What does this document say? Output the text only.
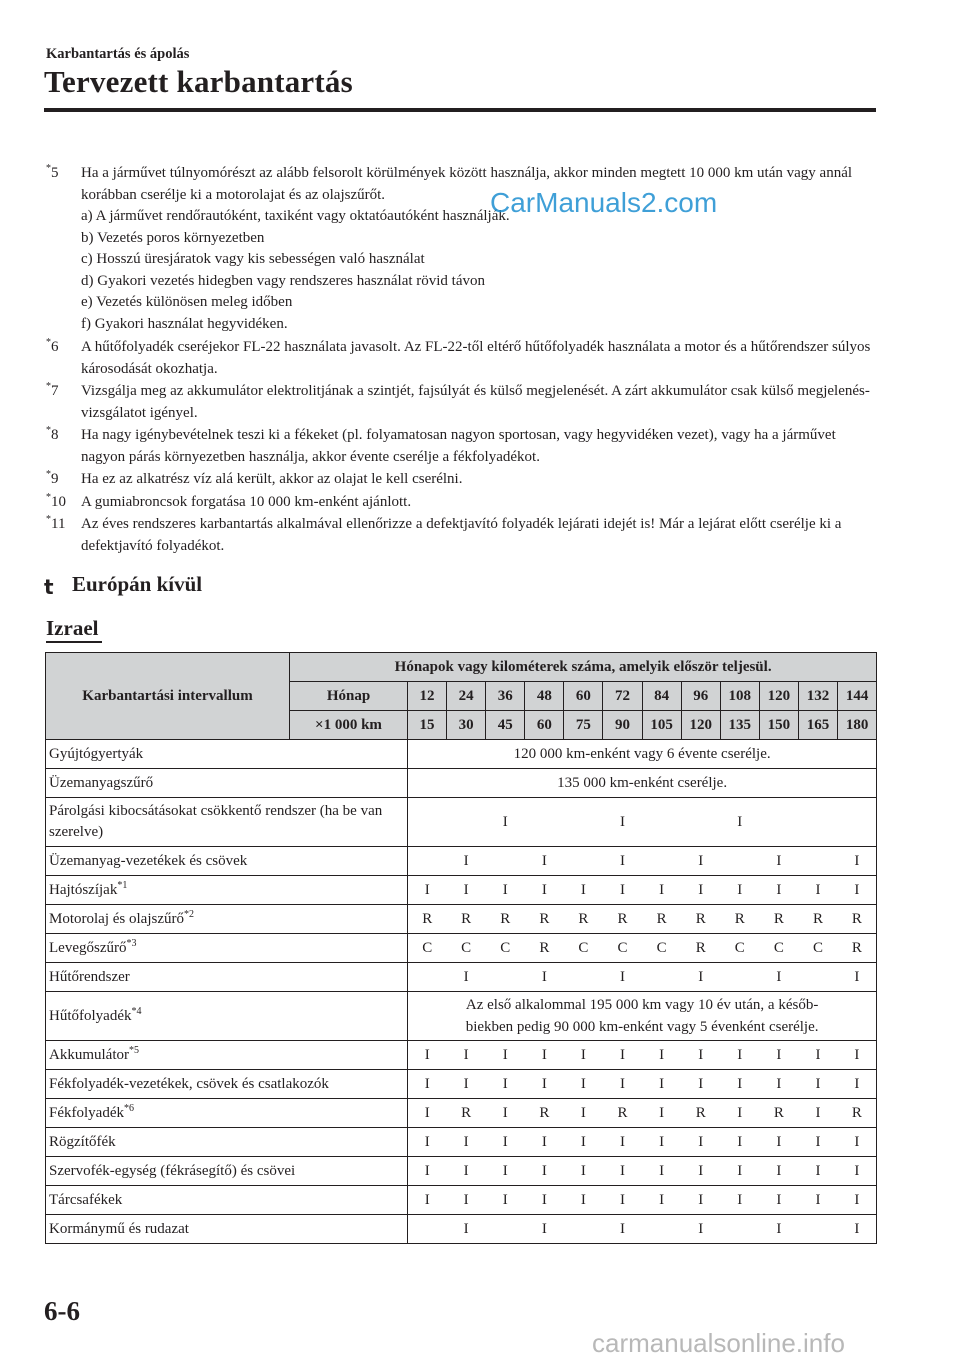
Karbantartás és ápolás
Tervezett karbantartás
*5	Ha a járművet túlnyomórészt az alább felsorolt körülmények között használja, akkor minden megtett 10 000 km után vagy annál korábban cserélje ki a motorolajat és az olajszűrőt.
a) A járművet rendőrautóként, taxiként vagy oktatóautóként használják.
b) Vezetés poros környezetben
c) Hosszú üresjáratok vagy kis sebességen való használat
d) Gyakori vezetés hidegben vagy rendszeres használat rövid távon
e) Vezetés különösen meleg időben
f) Gyakori használat hegyvidéken.
*6	A hűtőfolyadék cseréjekor FL-22 használata javasolt. Az FL-22-től eltérő hűtőfolyadék használata a motor és a hűtőrendszer súlyos károsodását okozhatja.
*7	Vizsgálja meg az akkumulátor elektrolitjának a szintjét, fajsúlyát és külső megjelenését. A zárt akkumulátor csak külső megjelenés-vizsgálatot igényel.
*8	Ha nagy igénybevételnek teszi ki a fékeket (pl. folyamatosan nagyon sportosan, vagy hegyvidéken vezet), vagy ha a járművet nagyon párás környezetben használja, akkor évente cserélje a fékfolyadékot.
*9	Ha ez az alkatrész víz alá került, akkor az olajat le kell cserélni.
*10	A gumiabroncsok forgatása 10 000 km-enként ajánlott.
*11	Az éves rendszeres karbantartás alkalmával ellenőrizze a defektjavító folyadék lejárati idejét is! Már a lejárat előtt cserélje ki a defektjavító folyadékot.
CarManuals2.com
t Európán kívül
Izrael
Karbantartási intervallum	Hónapok vagy kilométerek száma, amelyik először teljesül.												
	Hónap	12	24	36	48	60	72	84	96	108	120	132	144
	×1 000 km	15	30	45	60	75	90	105	120	135	150	165	180
Gyújtógyertyák		120 000 km-enként vagy 6 évente cserélje.											
Üzemanyagszűrő		135 000 km-enként cserélje.											
Párolgási kibocsátásokat csökkentő rendszer (ha be van szerelve)				I			I			I			
Üzemanyag-vezetékek és csövek			I		I		I		I		I		I
Hajtószíjak$^{*1}$		I	I	I	I	I	I	I	I	I	I	I	I
Motorolaj és olajszűrő$^{*2}$		R	R	R	R	R	R	R	R	R	R	R	R
Levegőszűrő$^{*3}$		C	C	C	R	C	C	C	R	C	C	C	R
Hűtőrendszer			I		I		I		I		I		I
Hűtőfolyadék$^{*4}$		Az első alkalommal 195 000 km vagy 10 év után, a későb-
biekben pedig 90 000 km-enként vagy 5 évenként cserélje.											
Akkumulátor$^{*5}$		I	I	I	I	I	I	I	I	I	I	I	I
Fékfolyadék-vezetékek, csövek és csatlakozók		I	I	I	I	I	I	I	I	I	I	I	I
Fékfolyadék$^{*6}$		I	R	I	R	I	R	I	R	I	R	I	R
Rögzítőfék		I	I	I	I	I	I	I	I	I	I	I	I
Szervofék-egység (fékrásegítő) és csövei		I	I	I	I	I	I	I	I	I	I	I	I
Tárcsafékek		I	I	I	I	I	I	I	I	I	I	I	I
Kormánymű és rudazat			I		I		I		I		I		I
6-6
carmanualsonline.info
